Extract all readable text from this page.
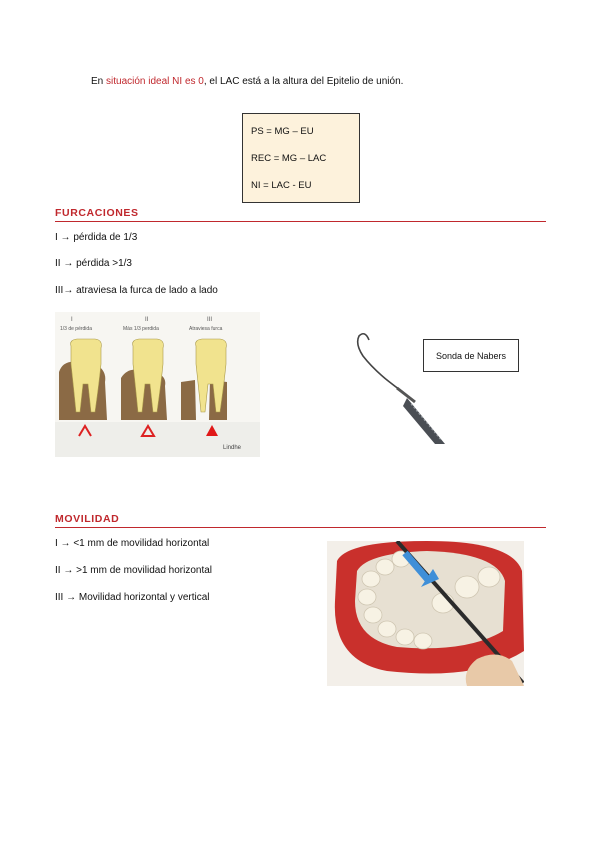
En situación ideal NI es 0, el LAC está a la altura del Epitelio de unión.
PS = MG – EU
REC = MG – LAC
NI = LAC - EU
FURCACIONES
I → pérdida de 1/3
II → pérdida >1/3
III→ atraviesa la furca de lado a lado
I	II	III
1/3 de pérdida	Más 1/3 perdida	Atraviesa furca
Lindhe
Sonda de Nabers
MOVILIDAD
I → <1 mm de movilidad horizontal
II → >1 mm de movilidad horizontal
III → Movilidad horizontal y vertical
